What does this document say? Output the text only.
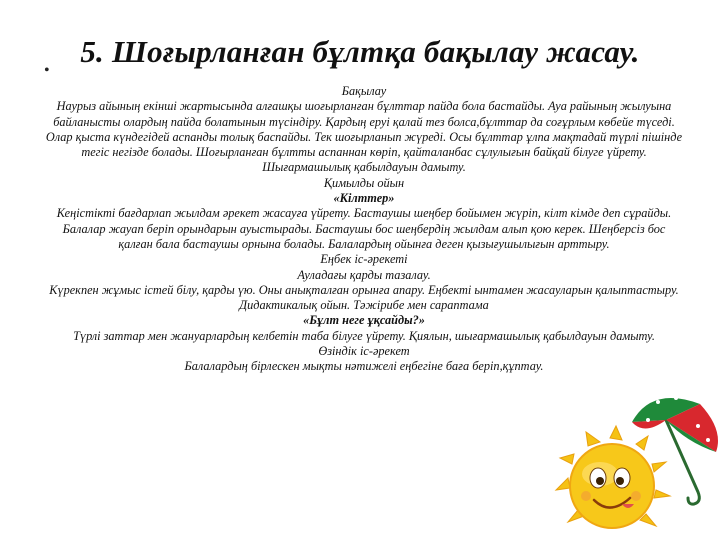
5. Шоғырланған бұлтқа бақылау жасау.
•

Бақылау

Наурыз айының екінші жартысында алғашқы шоғырланған бұлттар пайда бола бастайды. Ауа райының жылуына байланысты олардың пайда болатынын түсіндіру. Қардың еруі қалай тез болса,бұлттар да соғұрлым көбейе түседі. Олар қыста күндегідей аспанды толық баспайды. Тек шоғырланып жүреді. Осы бұлттар ұлпа мақтадай түрлі пішінде тегіс негізде болады. Шоғырланған бұлтты аспаннан көріп, қайталанбас сұлулығын байқай білуге үйрету. Шығармашылық қабылдауын дамыту.

Қимылды ойын

«Кілттер»

Кеңістікті бағдарлап жылдам әрекет жасауға үйрету. Бастаушы шеңбер бойымен жүріп, кілт кімде деп сұрайды. Балалар жауап беріп орындарын ауыстырады. Бастаушы бос шеңбердің жылдам алып қою керек. Шеңберсіз бос қалған бала бастаушы орнына болады. Балалардың ойынға деген қызығушылығын арттыру.

Еңбек іс-әрекеті

Ауладағы қарды тазалау.

Күрекпен жұмыс істей білу, қарды үю. Оны анықталған орынға апару. Еңбекті ынтамен жасауларын қалыптастыру.

Дидактикалық ойын. Тәжірибе мен сараптама

«Бұлт неге ұқсайды?»

Түрлі заттар мен жануарлардың келбетін таба білуге үйрету. Қиялын, шығармашылық қабылдауын дамыту.

Өзіндік іс-әрекет

Балалардың бірлескен мықты нәтижелі еңбегіне баға беріп,құптау.
